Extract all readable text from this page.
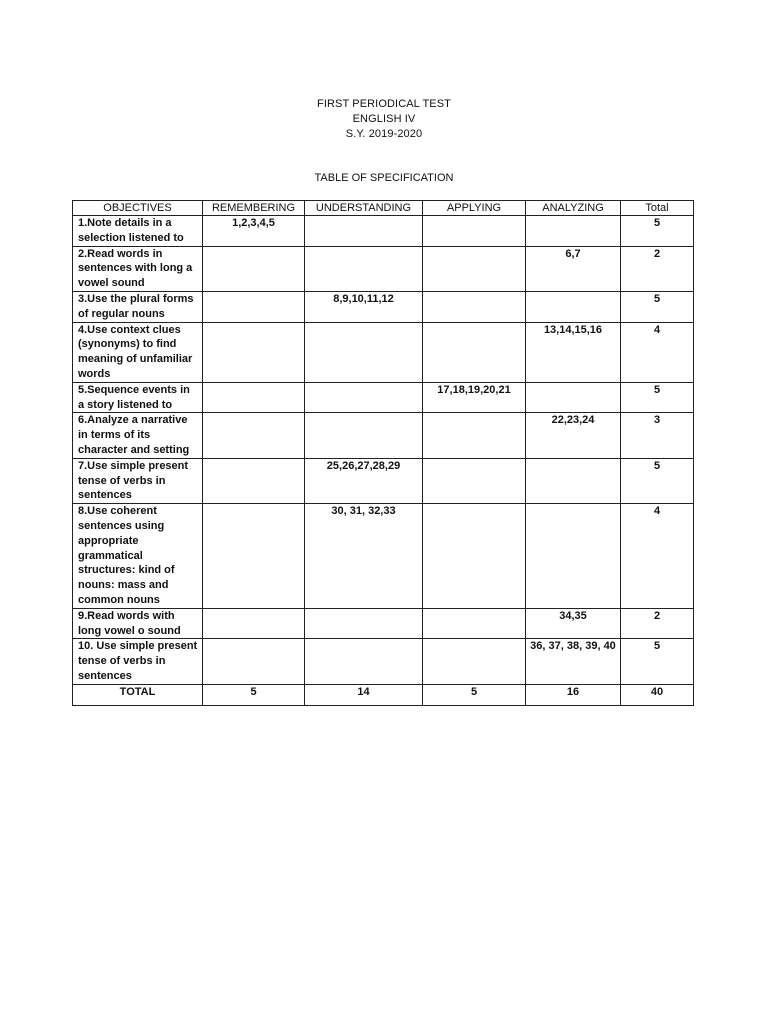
FIRST PERIODICAL TEST
ENGLISH IV
S.Y. 2019-2020
TABLE OF SPECIFICATION
OBJECTIVES	REMEMBERING	UNDERSTANDING	APPLYING	ANALYZING	Total
1.Note details in a selection listened to	1,2,3,4,5				5
2.Read words in sentences with long a vowel sound				6,7	2
3.Use the plural forms of regular nouns		8,9,10,11,12			5
4.Use context clues (synonyms) to find meaning of unfamiliar words				13,14,15,16	4
5.Sequence events in a story listened to			17,18,19,20,21		5
6.Analyze a narrative in terms of its character and setting				22,23,24	3
7.Use simple present tense of verbs in sentences		25,26,27,28,29			5
8.Use coherent sentences using appropriate grammatical structures: kind of nouns: mass and common nouns		30, 31, 32,33			4
9.Read words with long vowel o sound				34,35	2
10. Use simple present tense of verbs in sentences				36, 37, 38, 39, 40	5
TOTAL	5	14	5	16	40
